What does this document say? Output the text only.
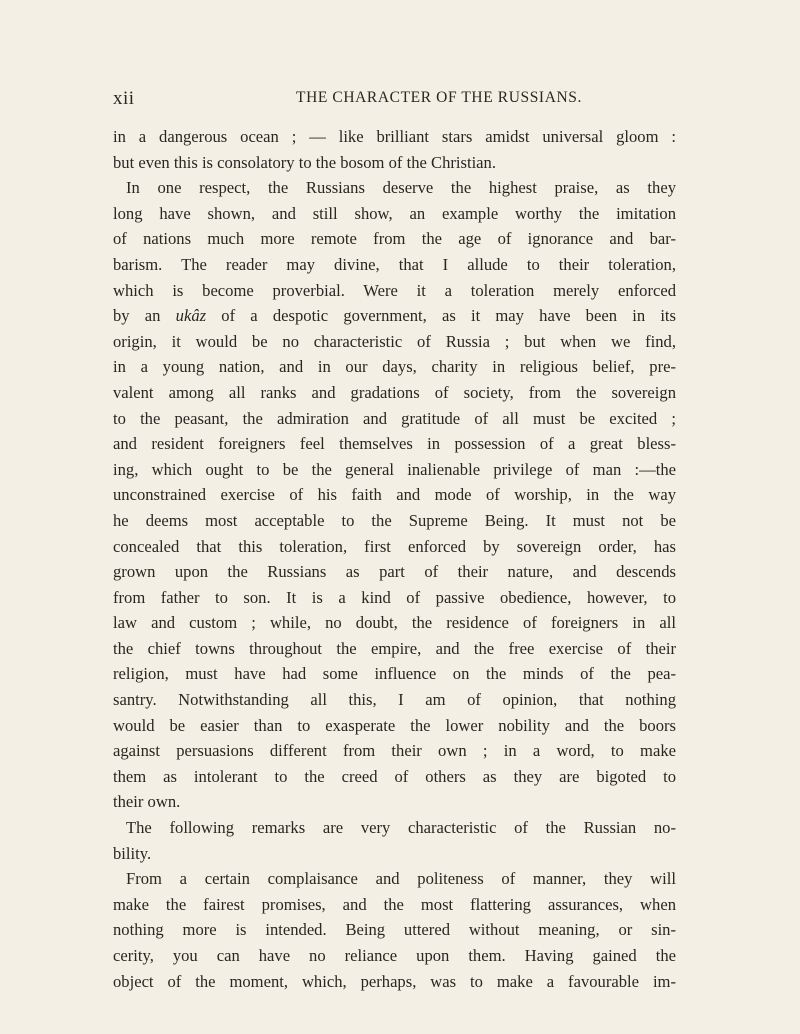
xii	THE CHARACTER OF THE RUSSIANS.
in a dangerous ocean ; — like brilliant stars amidst universal gloom :
but even this is consolatory to the bosom of the Christian.
In one respect, the Russians deserve the highest praise, as they
long have shown, and still show, an example worthy the imitation
of nations much more remote from the age of ignorance and bar-
barism. The reader may divine, that I allude to their toleration,
which is become proverbial. Were it a toleration merely enforced
by an ukâz of a despotic government, as it may have been in its
origin, it would be no characteristic of Russia ; but when we find,
in a young nation, and in our days, charity in religious belief, pre-
valent among all ranks and gradations of society, from the sovereign
to the peasant, the admiration and gratitude of all must be excited ;
and resident foreigners feel themselves in possession of a great bless-
ing, which ought to be the general inalienable privilege of man :—the
unconstrained exercise of his faith and mode of worship, in the way
he deems most acceptable to the Supreme Being. It must not be
concealed that this toleration, first enforced by sovereign order, has
grown upon the Russians as part of their nature, and descends
from father to son. It is a kind of passive obedience, however, to
law and custom ; while, no doubt, the residence of foreigners in all
the chief towns throughout the empire, and the free exercise of their
religion, must have had some influence on the minds of the pea-
santry. Notwithstanding all this, I am of opinion, that nothing
would be easier than to exasperate the lower nobility and the boors
against persuasions different from their own ; in a word, to make
them as intolerant to the creed of others as they are bigoted to
their own.
The following remarks are very characteristic of the Russian no-
bility.
From a certain complaisance and politeness of manner, they will
make the fairest promises, and the most flattering assurances, when
nothing more is intended. Being uttered without meaning, or sin-
cerity, you can have no reliance upon them. Having gained the
object of the moment, which, perhaps, was to make a favourable im-
